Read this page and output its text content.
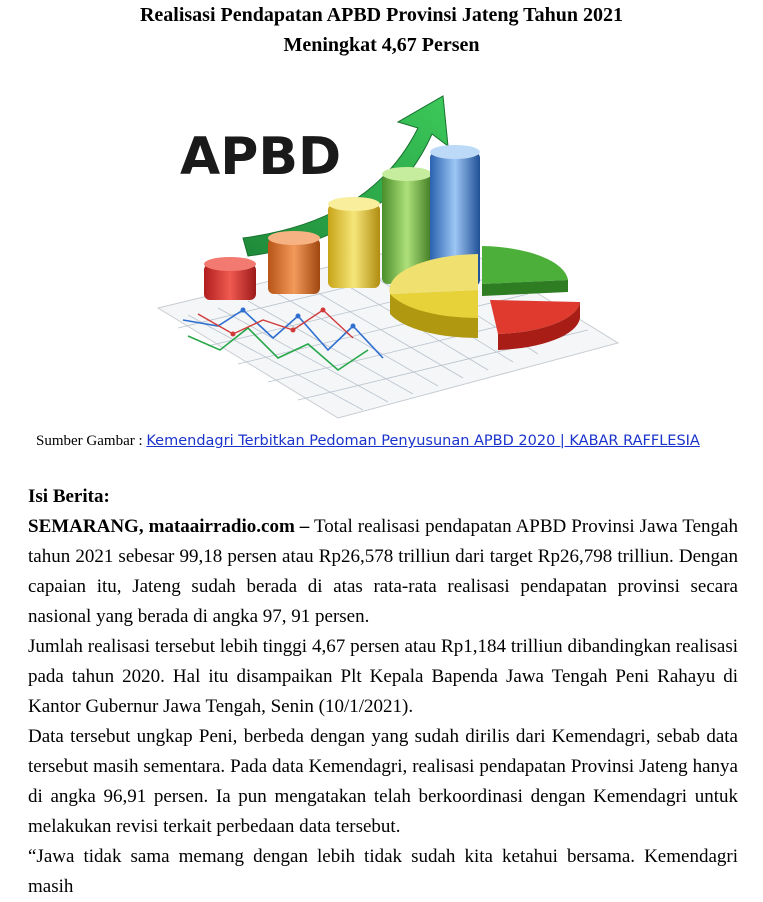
Realisasi Pendapatan APBD Provinsi Jateng Tahun 2021
Meningkat 4,67 Persen
APBD
Sumber Gambar : Kemendagri Terbitkan Pedoman Penyusunan APBD 2020 | KABAR RAFFLESIA
Isi Berita:

SEMARANG, mataairradio.com – Total realisasi pendapatan APBD Provinsi Jawa Tengah tahun 2021 sebesar 99,18 persen atau Rp26,578 trilliun dari target Rp26,798 trilliun. Dengan capaian itu, Jateng sudah berada di atas rata-rata realisasi pendapatan provinsi secara nasional yang berada di angka 97, 91 persen.

Jumlah realisasi tersebut lebih tinggi 4,67 persen atau Rp1,184 trilliun dibandingkan realisasi pada tahun 2020. Hal itu disampaikan Plt Kepala Bapenda Jawa Tengah Peni Rahayu di Kantor Gubernur Jawa Tengah, Senin (10/1/2021).

Data tersebut ungkap Peni, berbeda dengan yang sudah dirilis dari Kemendagri, sebab data tersebut masih sementara. Pada data Kemendagri, realisasi pendapatan Provinsi Jateng hanya di angka 96,91 persen. Ia pun mengatakan telah berkoordinasi dengan Kemendagri untuk melakukan revisi terkait perbedaan data tersebut.

“Jawa tidak sama memang dengan lebih tidak sudah kita ketahui bersama. Kemendagri masih
